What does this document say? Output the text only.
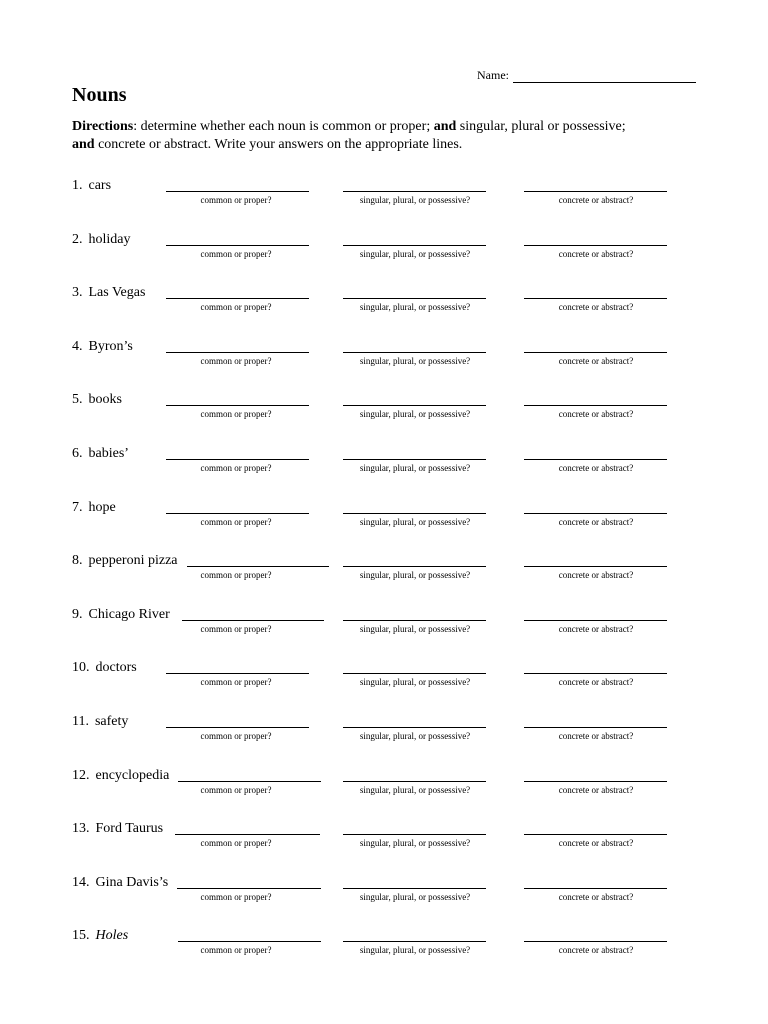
Name:
Nouns
Directions: determine whether each noun is common or proper; and singular, plural or possessive;
and concrete or abstract. Write your answers on the appropriate lines.
1. cars
common or proper?	singular, plural, or possessive?	concrete or abstract?
2. holiday
common or proper?	singular, plural, or possessive?	concrete or abstract?
3. Las Vegas
common or proper?	singular, plural, or possessive?	concrete or abstract?
4. Byron’s
common or proper?	singular, plural, or possessive?	concrete or abstract?
5. books
common or proper?	singular, plural, or possessive?	concrete or abstract?
6. babies’
common or proper?	singular, plural, or possessive?	concrete or abstract?
7. hope
common or proper?	singular, plural, or possessive?	concrete or abstract?
8. pepperoni pizza
common or proper?	singular, plural, or possessive?	concrete or abstract?
9. Chicago River
common or proper?	singular, plural, or possessive?	concrete or abstract?
10. doctors
common or proper?	singular, plural, or possessive?	concrete or abstract?
11. safety
common or proper?	singular, plural, or possessive?	concrete or abstract?
12. encyclopedia
common or proper?	singular, plural, or possessive?	concrete or abstract?
13. Ford Taurus
common or proper?	singular, plural, or possessive?	concrete or abstract?
14. Gina Davis’s
common or proper?	singular, plural, or possessive?	concrete or abstract?
15. Holes
common or proper?	singular, plural, or possessive?	concrete or abstract?
